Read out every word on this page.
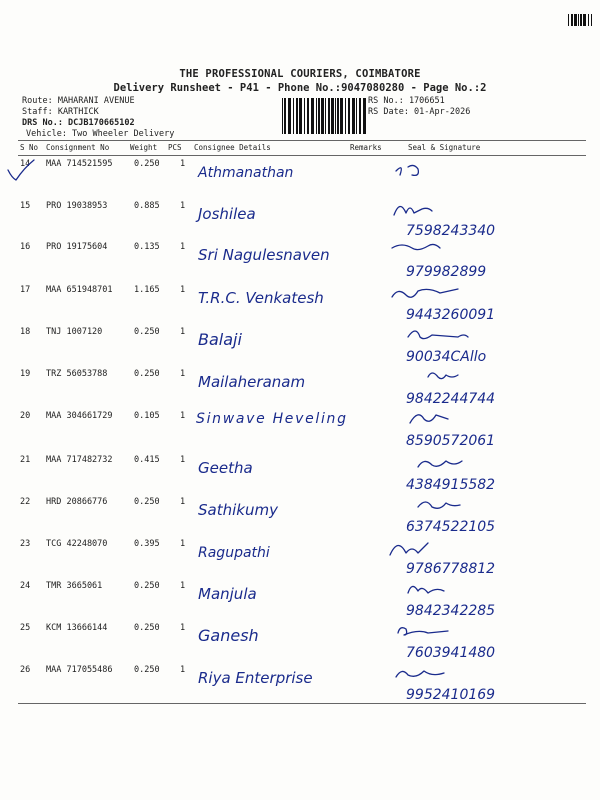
THE PROFESSIONAL COURIERS, COIMBATORE
Delivery Runsheet - P41 - Phone No.:9047080280 - Page No.:2
Route: MAHARANI AVENUE
Staff: KARTHICK
DRS No.: DCJB170665102
Vehicle: Two Wheeler Delivery
RS No.: 1706651
RS Date: 01-Apr-2026
S No Consignment No	Weight PCS Consignee Details	Remarks	Seal & Signature
14 MAA 714521595	0.250 1
Athmanathan
15 PRO 19038953	0.885 1 Joshilea
7598243340
16 PRO 19175604	0.135 1 Sri Nagulesnaven
979982899
17 MAA 651948701	1.165 1 T.R.C. Venkatesh
9443260091
18 TNJ 1007120	0.250 1 Balaji
90034CAllo
19 TRZ 56053788	0.250 1 Mailaheranam
9842244744
20 MAA 304661729	0.105 1 Sinwave Heveling
8590572061
21 MAA 717482732	0.415 1 Geetha
4384915582
22 HRD 20866776	0.250 1 Sathikumy
6374522105
23 TCG 42248070	0.395 1
Ragupathi
9786778812
24 TMR 3665061	0.250 1 Manjula
9842342285
25 KCM 13666144	0.250 1 Ganesh
7603941480
26 MAA 717055486	0.250 1 Riya Enterprise
9952410169
